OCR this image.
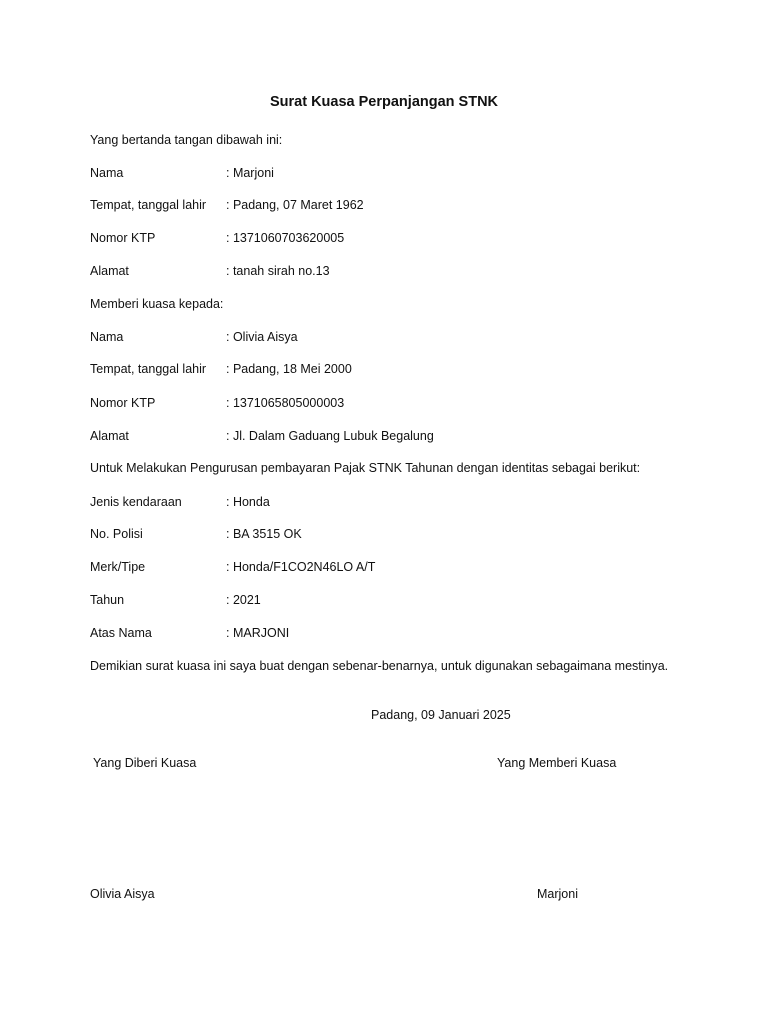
Surat Kuasa Perpanjangan STNK
Yang bertanda tangan dibawah ini:
Nama	: Marjoni
Tempat, tanggal lahir	: Padang, 07 Maret 1962
Nomor KTP	: 1371060703620005
Alamat	: tanah sirah no.13
Memberi kuasa kepada:
Nama	: Olivia Aisya
Tempat, tanggal lahir	: Padang, 18 Mei 2000
Nomor KTP	: 1371065805000003
Alamat	: Jl. Dalam Gaduang Lubuk Begalung
Untuk Melakukan Pengurusan pembayaran Pajak STNK Tahunan dengan identitas sebagai berikut:
Jenis kendaraan	: Honda
No. Polisi	: BA 3515 OK
Merk/Tipe	: Honda/F1CO2N46LO A/T
Tahun	: 2021
Atas Nama	: MARJONI
Demikian surat kuasa ini saya buat dengan sebenar-benarnya, untuk digunakan sebagaimana mestinya.
Padang, 09 Januari 2025
Yang Diberi Kuasa	Yang Memberi Kuasa
Olivia Aisya	Marjoni
